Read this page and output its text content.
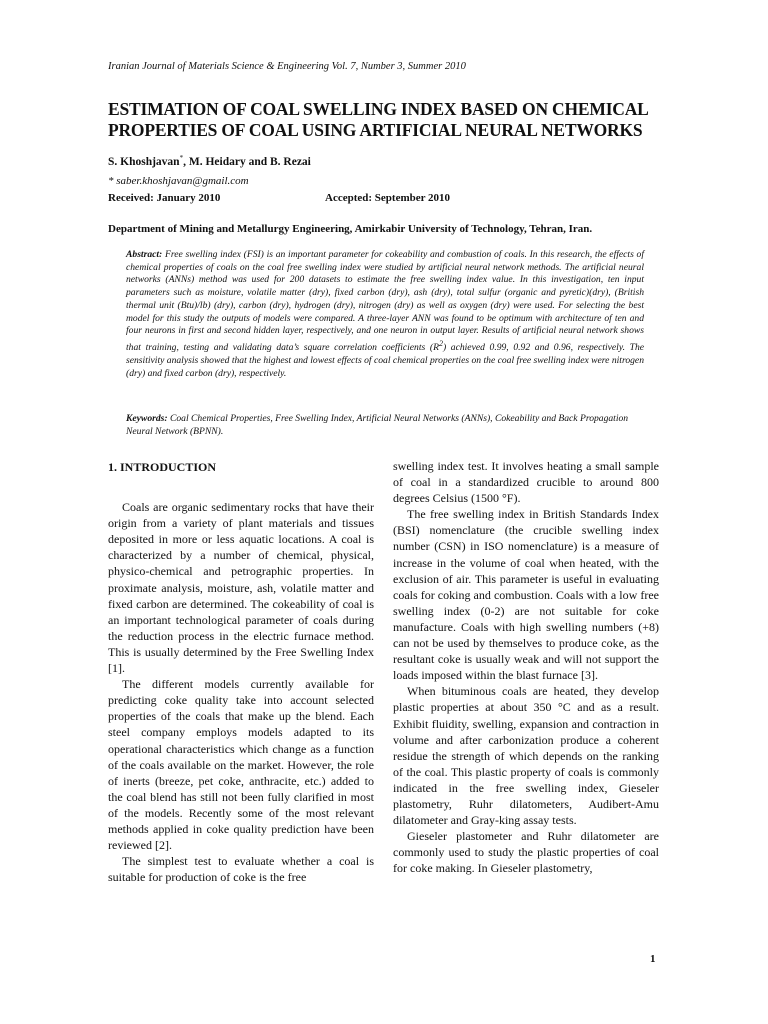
Iranian Journal of Materials Science & Engineering Vol. 7, Number 3, Summer 2010
ESTIMATION OF COAL SWELLING INDEX BASED ON CHEMICAL
PROPERTIES OF COAL USING ARTIFICIAL NEURAL NETWORKS
S. Khoshjavan*, M. Heidary and B. Rezai
* saber.khoshjavan@gmail.com
Received: January 2010	Accepted: September 2010
Department of Mining and Metallurgy Engineering, Amirkabir University of Technology, Tehran, Iran.
Abstract: Free swelling index (FSI) is an important parameter for cokeability and combustion of coals. In this research, the effects of chemical properties of coals on the coal free swelling index were studied by artificial neural network methods. The artificial neural networks (ANNs) method was used for 200 datasets to estimate the free swelling index value. In this investigation, ten input parameters such as moisture, volatile matter (dry), fixed carbon (dry), ash (dry), total sulfur (organic and pyretic)(dry), (British thermal unit (Btu)/lb) (dry), carbon (dry), hydrogen (dry), nitrogen (dry) as well as oxygen (dry) were used. For selecting the best model for this study the outputs of models were compared. A three-layer ANN was found to be optimum with architecture of ten and four neurons in first and second hidden layer, respectively, and one neuron in output layer. Results of artificial neural network shows that training, testing and validating data’s square correlation coefficients $(R^2)$ achieved 0.99, 0.92 and 0.96, respectively. The sensitivity analysis showed that the highest and lowest effects of coal chemical properties on the coal free swelling index were nitrogen (dry) and fixed carbon (dry), respectively.
Keywords: Coal Chemical Properties, Free Swelling Index, Artificial Neural Networks (ANNs), Cokeability and Back Propagation Neural Network (BPNN).
1. INTRODUCTION

Coals are organic sedimentary rocks that have their origin from a variety of plant materials and tissues deposited in more or less aquatic locations. A coal is characterized by a number of chemical, physical, physico-chemical and petrographic properties. In proximate analysis, moisture, ash, volatile matter and fixed carbon are determined. The cokeability of coal is an important technological parameter of coals during the reduction process in the electric furnace method. This is usually determined by the Free Swelling Index [1].

The different models currently available for predicting coke quality take into account selected properties of the coals that make up the blend. Each steel company employs models adapted to its operational characteristics which change as a function of the coals available on the market. However, the role of inerts (breeze, pet coke, anthracite, etc.) added to the coal blend has still not been fully clarified in most of the models. Recently some of the most relevant methods applied in coke quality prediction have been reviewed [2].

The simplest test to evaluate whether a coal is suitable for production of coke is the free

swelling index test. It involves heating a small sample of coal in a standardized crucible to around 800 degrees Celsius (1500 °F).

The free swelling index in British Standards Index (BSI) nomenclature (the crucible swelling index number (CSN) in ISO nomenclature) is a measure of increase in the volume of coal when heated, with the exclusion of air. This parameter is useful in evaluating coals for coking and combustion. Coals with a low free swelling index (0-2) are not suitable for coke manufacture. Coals with high swelling numbers (+8) can not be used by themselves to produce coke, as the resultant coke is usually weak and will not support the loads imposed within the blast furnace [3].

When bituminous coals are heated, they develop plastic properties at about 350 °C and as a result. Exhibit fluidity, swelling, expansion and contraction in volume and after carbonization produce a coherent residue the strength of which depends on the ranking of the coal. This plastic property of coals is commonly indicated in the free swelling index, Gieseler plastometry, Ruhr dilatometers, Audibert-Amu dilatometer and Gray-king assay tests.

Gieseler plastometer and Ruhr dilatometer are commonly used to study the plastic properties of coal for coke making. In Gieseler plastometry,

1
